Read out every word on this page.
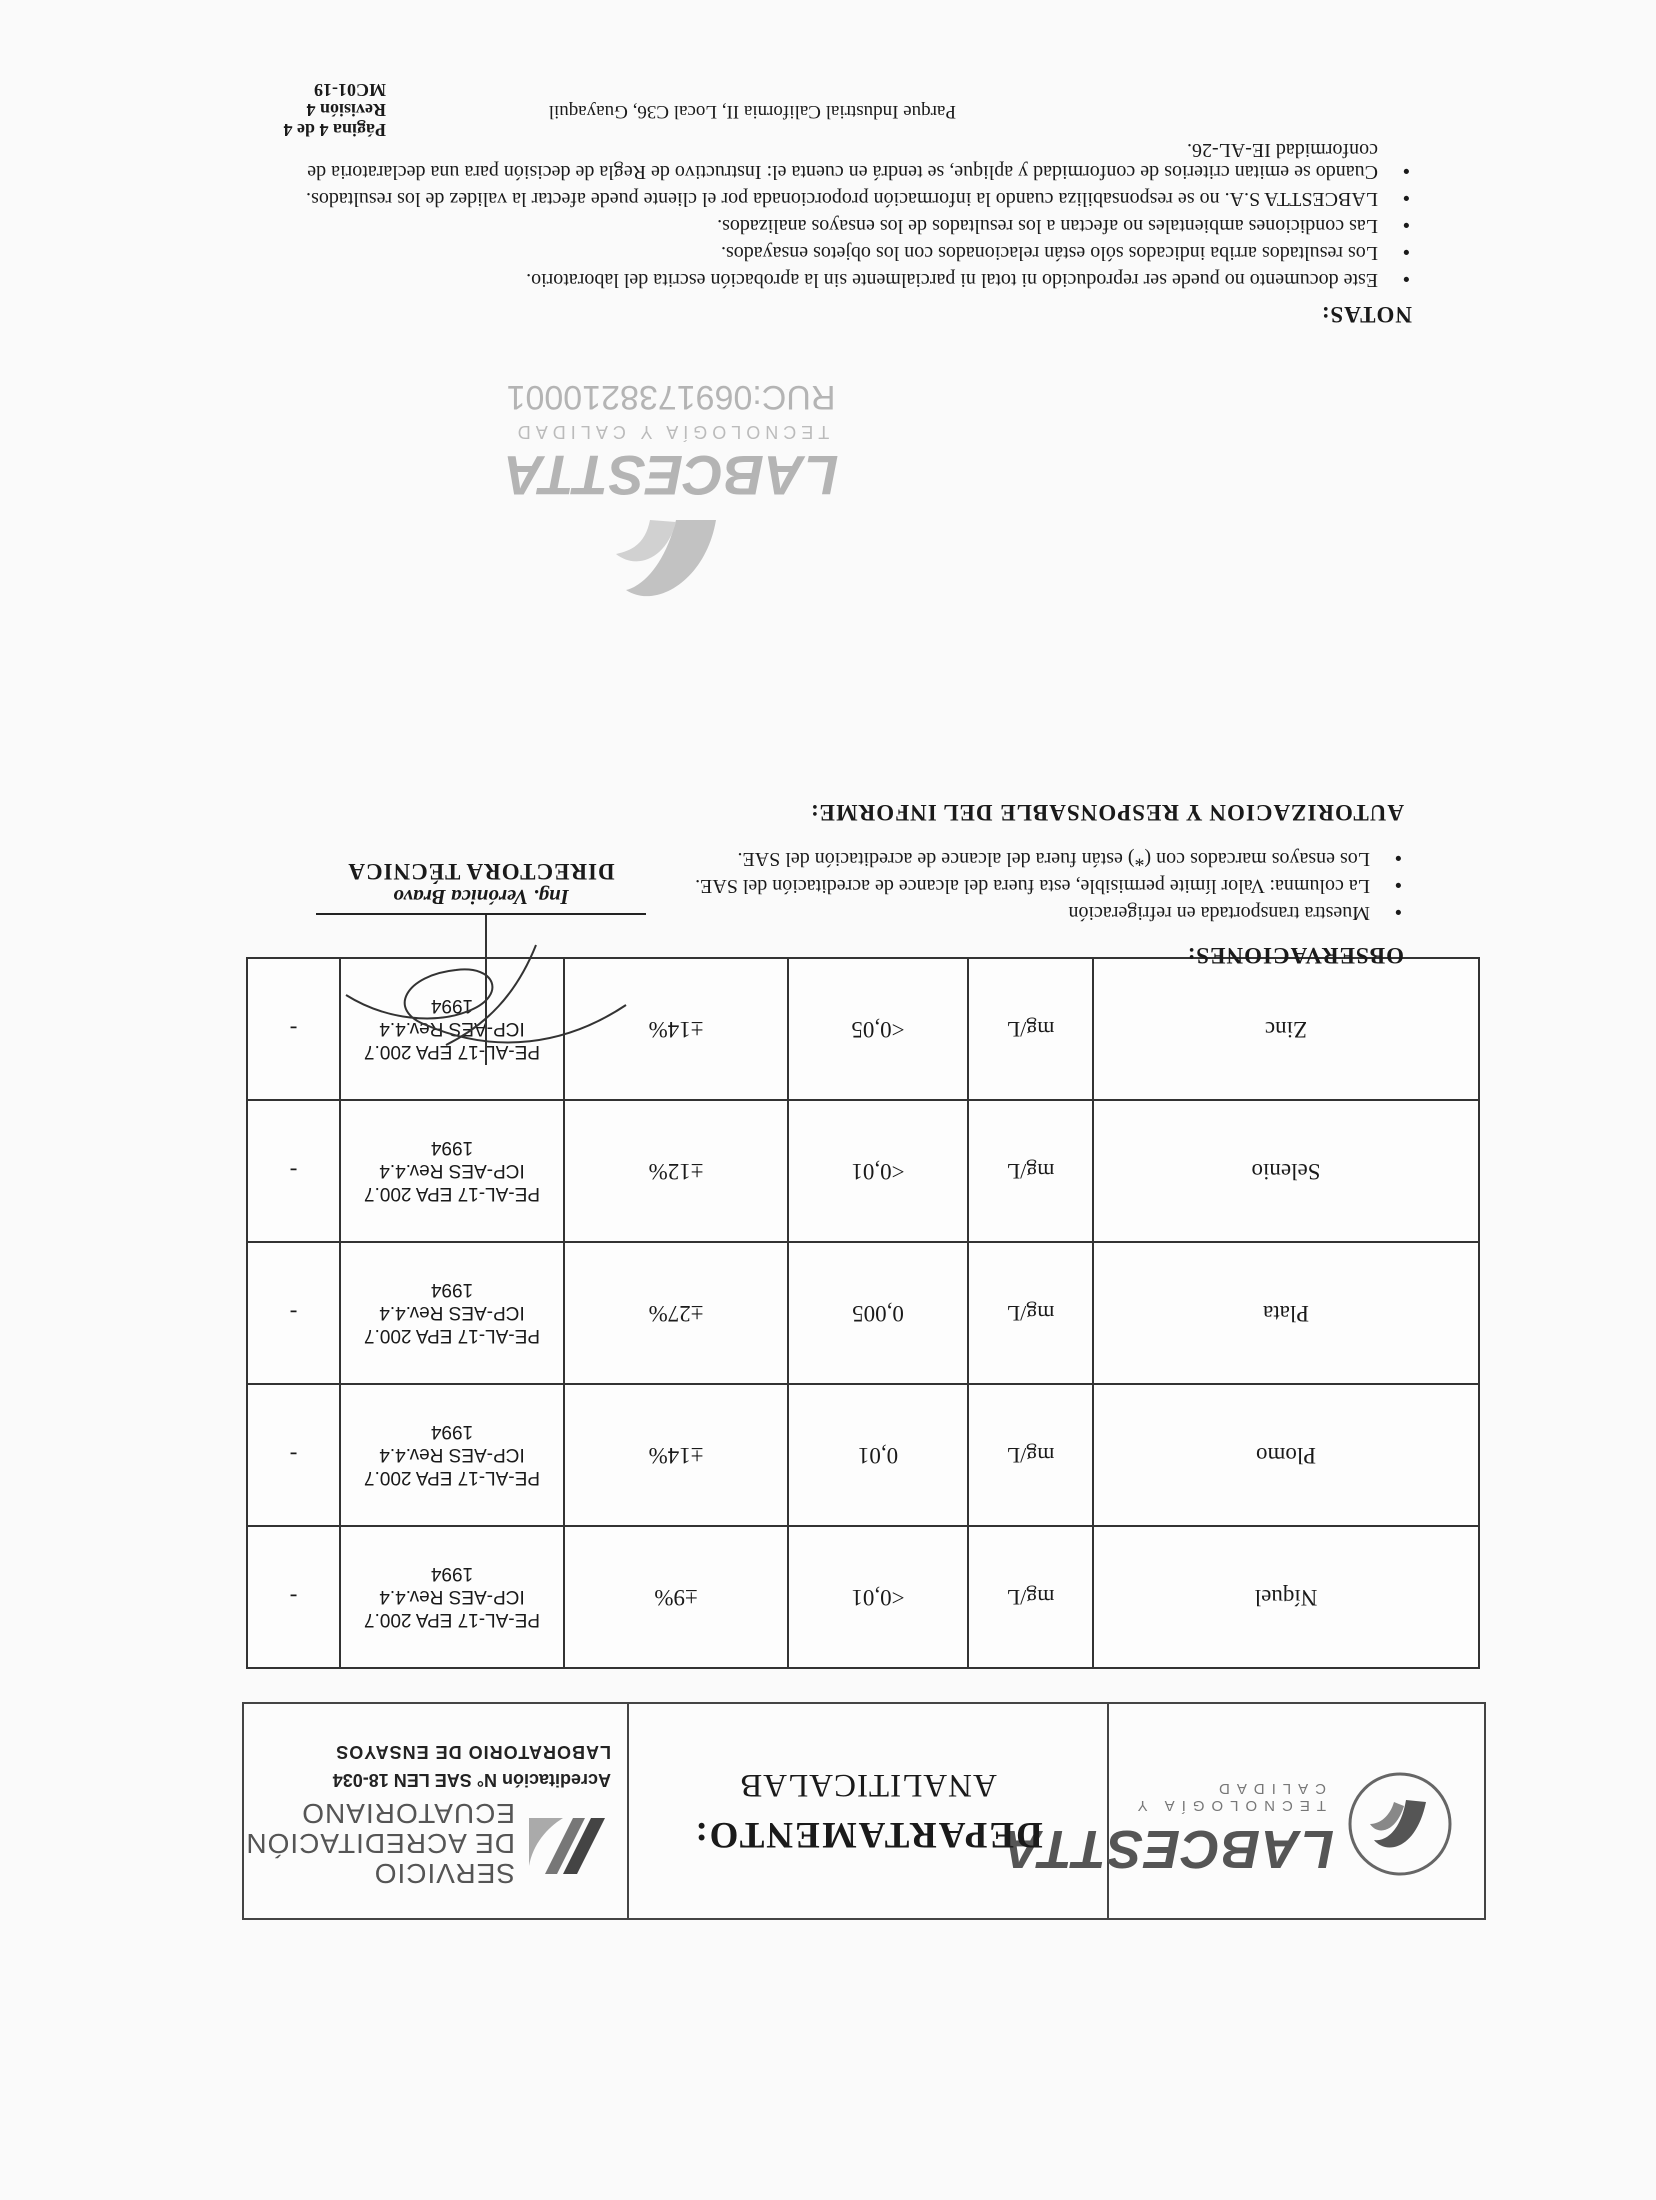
LABCESTTA
TECNOLOGÍA Y CALIDAD
DEPARTAMENTO:
ANALITICALAB
SERVICIO
DE ACREDITACIÓN
ECUATORIANO
Acreditación N° SAE LEN 18-034
LABORATORIO DE ENSAYOS
Níquel	mg/L	<0,01	±9%	PE-AL-17 EPA 200.7
ICP-AES Rev.4.4
1994	-
Plomo	mg/L	0,01	±14%	PE-AL-17 EPA 200.7
ICP-AES Rev.4.4
1994	-
Plata	mg/L	0,005	±27%	PE-AL-17 EPA 200.7
ICP-AES Rev.4.4
1994	-
Selenio	mg/L	<0,01	±12%	PE-AL-17 EPA 200.7
ICP-AES Rev.4.4
1994	-
Zinc	mg/L	<0,05	±14%	PE-AL-17 EPA 200.7
ICP-AES Rev.4.4
1994	-
OBSERVACIONES:
● Muestra transportada en refrigeración
● La columna: Valor límite permisible, esta fuera del alcance de acreditación del SAE.
● Los ensayos marcados con (*) están fuera del alcance de acreditación del SAE.
AUTORIZACION Y RESPONSABLE DEL INFORME:
Ing. Verónica Bravo
DIRECTORA TÉCNICA
LABCESTTA
TECNOLOGÍA Y CALIDAD
RUC:0691738210001
NOTAS:
● Este documento no puede ser reproducido ni total ni parcialmente sin la aprobación escrita del laboratorio.
● Los resultados arriba indicados sólo están relacionados con los objetos ensayados.
● Las condiciones ambientales no afectan a los resultados de los ensayos analizados.
● LABCESTTA S.A. no se responsabiliza cuando la información proporcionada por el cliente puede afectar la validez de los resultados.
● Cuando se emitan criterios de conformidad y aplique, se tendrá en cuenta el: Instructivo de Regla de decisión para una declaratoria de conformidad IE-AL-26.
Parque Industrial California II, Local C36, Guayaquil
Página 4 de 4
Revisión 4
MC01-19
